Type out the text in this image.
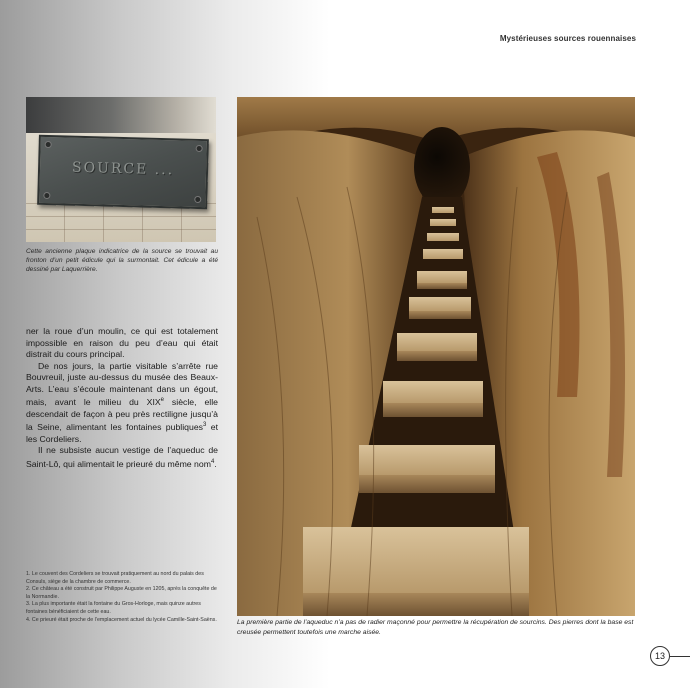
Mystérieuses sources rouennaises
SOURCE ...
Cette ancienne plaque indicatrice de la source se trouvait au fronton d’un petit édicule qui la surmontait. Cet édicule a été dessiné par Laquerrière.

ner la roue d’un moulin, ce qui est totalement impossible en raison du peu d’eau qui était distrait du cours principal.

De nos jours, la partie visitable s’arrête rue Bouvreuil, juste au-dessus du musée des Beaux-Arts. L’eau s’écoule maintenant dans un égout, mais, avant le milieu du XIXe siècle, elle descendait de façon à peu près rectiligne jusqu’à la Seine, alimentant les fontaines publiques$^3$ et les Cordeliers.

Il ne subsiste aucun vestige de l’aqueduc de Saint-Lô, qui alimentait le prieuré du même nom$^4$.

1. Le couvent des Cordeliers se trouvait pratiquement au nord du palais des Consuls, siège de la chambre de commerce.
2. Ce château a été construit par Philippe Auguste en 1205, après la conquête de la Normandie.
3. La plus importante était la fontaine du Gros-Horloge, mais quinze autres fontaines bénéficiaient de cette eau.
4. Ce prieuré était proche de l’emplacement actuel du lycée Camille-Saint-Saëns.	La première partie de l’aqueduc n’a pas de radier maçonné pour permettre la récupération de sourcins. Des pierres dont la base est creusée permettent toutefois une marche aisée.
13
